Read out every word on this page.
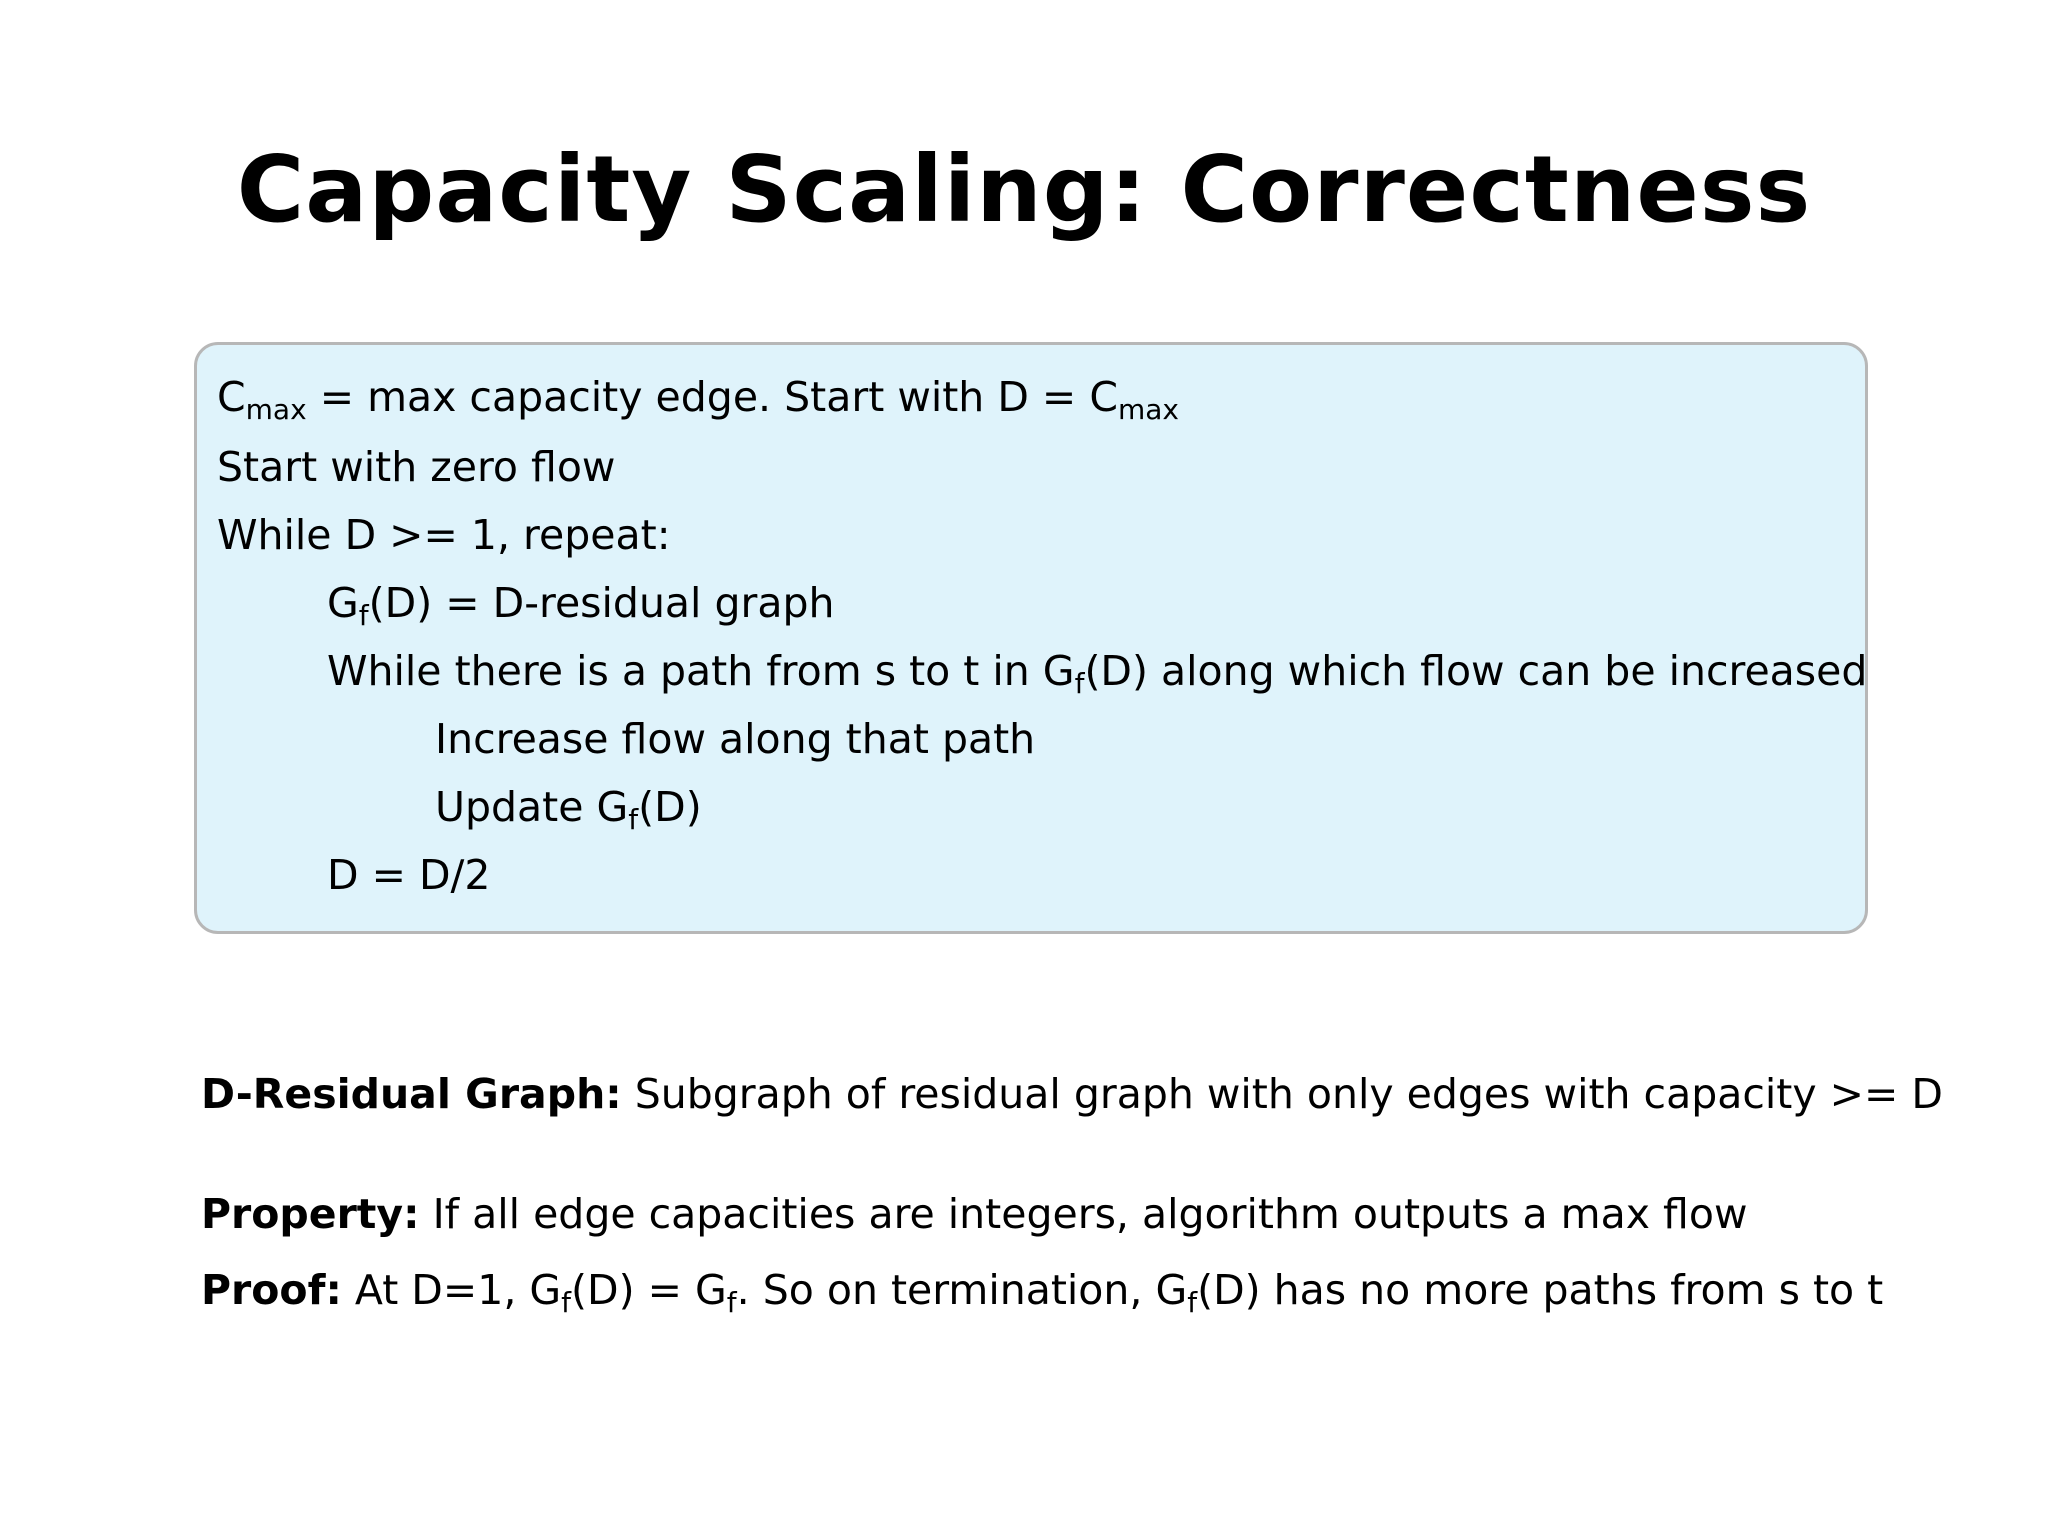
Capacity Scaling: Correctness
Cmax = max capacity edge. Start with D = Cmax
Start with zero flow
While D >= 1, repeat:
Gf(D) = D-residual graph
While there is a path from s to t in Gf(D) along which flow can be increased
Increase flow along that path
Update Gf(D)
D = D/2
D-Residual Graph: Subgraph of residual graph with only edges with capacity >= D
Property: If all edge capacities are integers, algorithm outputs a max flow
Proof: At D=1, Gf(D) = Gf. So on termination, Gf(D) has no more paths from s to t
